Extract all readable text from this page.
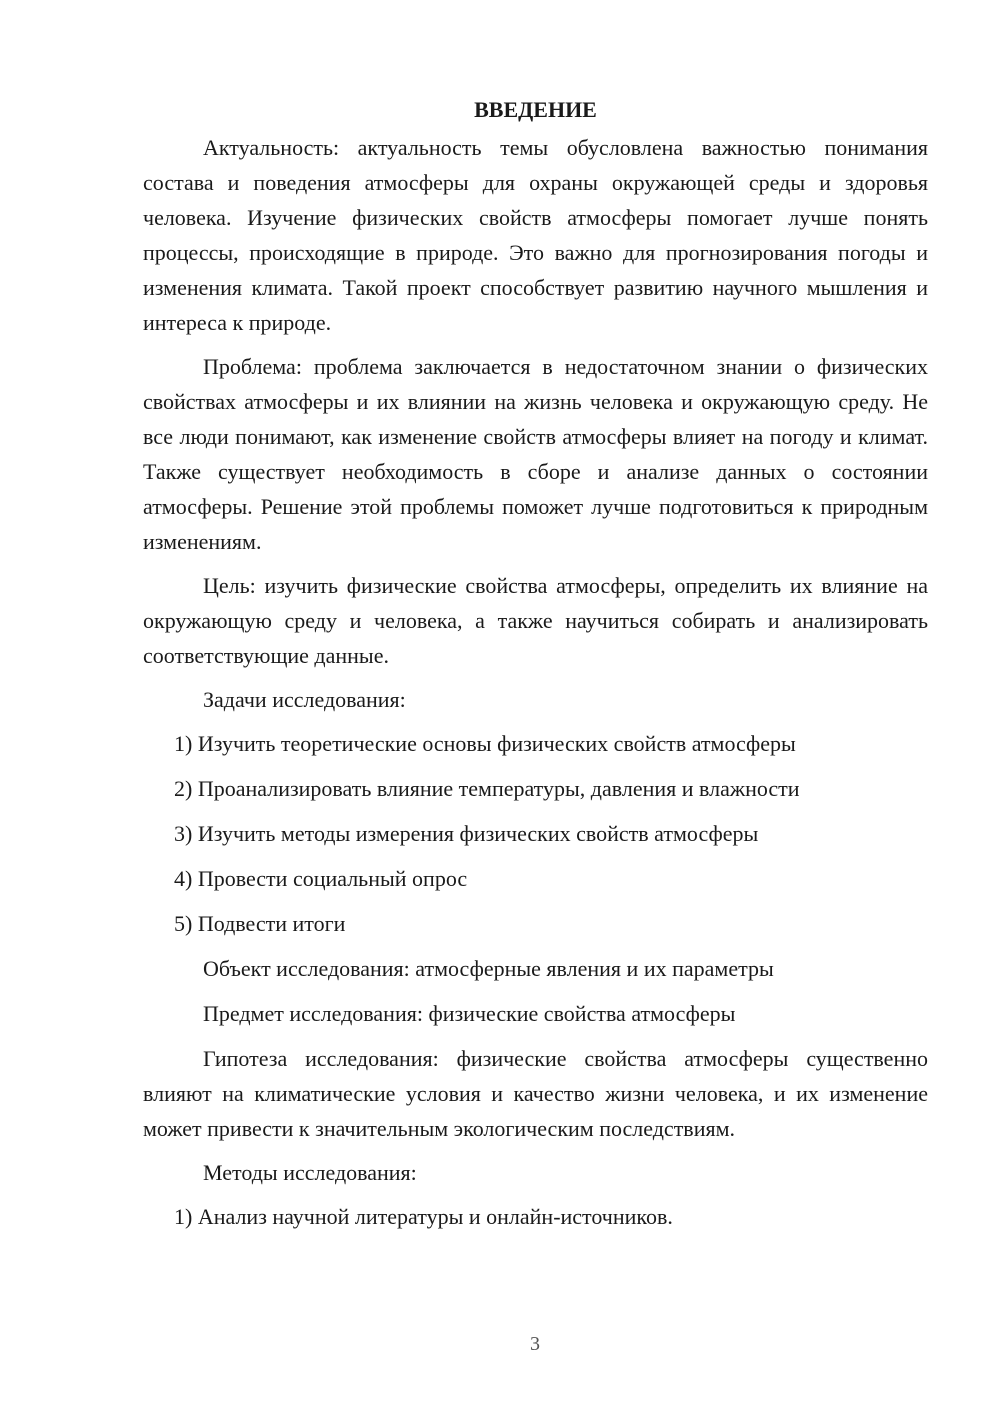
ВВЕДЕНИЕ

Актуальность: актуальность темы обусловлена важностью понимания состава и поведения атмосферы для охраны окружающей среды и здоровья человека. Изучение физических свойств атмосферы помогает лучше понять процессы, происходящие в природе. Это важно для прогнозирования погоды и изменения климата. Такой проект способствует развитию научного мышления и интереса к природе.

Проблема: проблема заключается в недостаточном знании о физических свойствах атмосферы и их влиянии на жизнь человека и окружающую среду. Не все люди понимают, как изменение свойств атмосферы влияет на погоду и климат. Также существует необходимость в сборе и анализе данных о состоянии атмосферы. Решение этой проблемы поможет лучше подготовиться к природным изменениям.

Цель: изучить физические свойства атмосферы, определить их влияние на окружающую среду и человека, а также научиться собирать и анализировать соответствующие данные.

Задачи исследования:

1) Изучить теоретические основы физических свойств атмосферы
2) Проанализировать влияние температуры, давления и влажности
3) Изучить методы измерения физических свойств атмосферы
4) Провести социальный опрос
5) Подвести итоги

Объект исследования: атмосферные явления и их параметры

Предмет исследования: физические свойства атмосферы

Гипотеза исследования: физические свойства атмосферы существенно влияют на климатические условия и качество жизни человека, и их изменение может привести к значительным экологическим последствиям.

Методы исследования:

1) Анализ научной литературы и онлайн-источников.
3
